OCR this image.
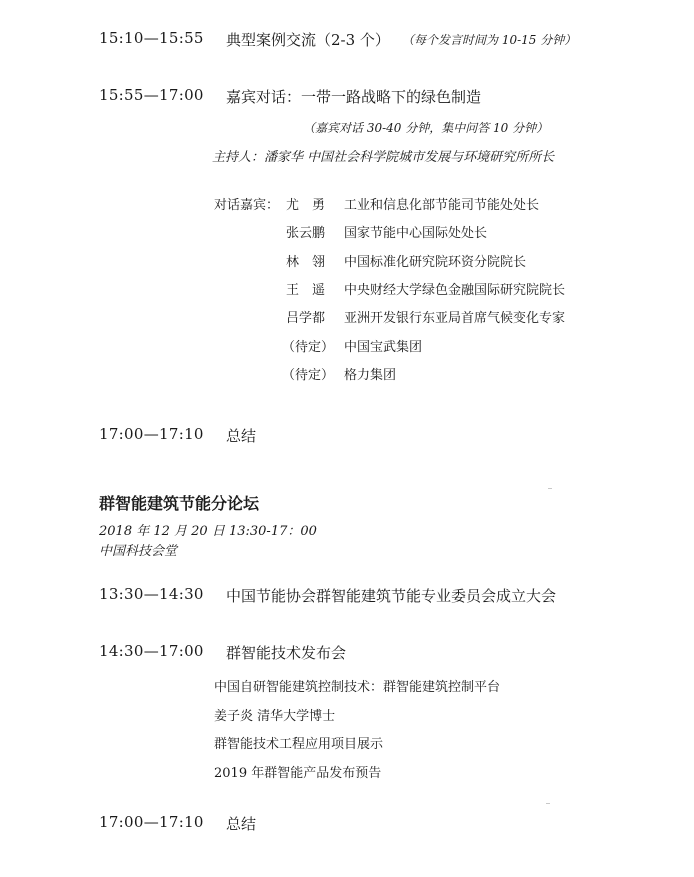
15:10—15:55 典型案例交流（2-3 个） （每个发言时间为 10-15 分钟）
15:55—17:00 嘉宾对话：一带一路战略下的绿色制造
（嘉宾对话 30-40 分钟，集中问答 10 分钟）
主持人：潘家华 中国社会科学院城市发展与环境研究所所长
对话嘉宾： 尤　勇 工业和信息化部节能司节能处处长
张云鹏 国家节能中心国际处处长
林　翎 中国标准化研究院环资分院院长
王　遥 中央财经大学绿色金融国际研究院院长
吕学都 亚洲开发银行东亚局首席气候变化专家
（待定） 中国宝武集团
（待定） 格力集团
17:00—17:10 总结
群智能建筑节能分论坛
2018 年 12 月 20 日 13:30-17：00
中国科技会堂
13:30—14:30 中国节能协会群智能建筑节能专业委员会成立大会
14:30—17:00 群智能技术发布会
中国自研智能建筑控制技术：群智能建筑控制平台
姜子炎 清华大学博士
群智能技术工程应用项目展示
2019 年群智能产品发布预告
17:00—17:10 总结
